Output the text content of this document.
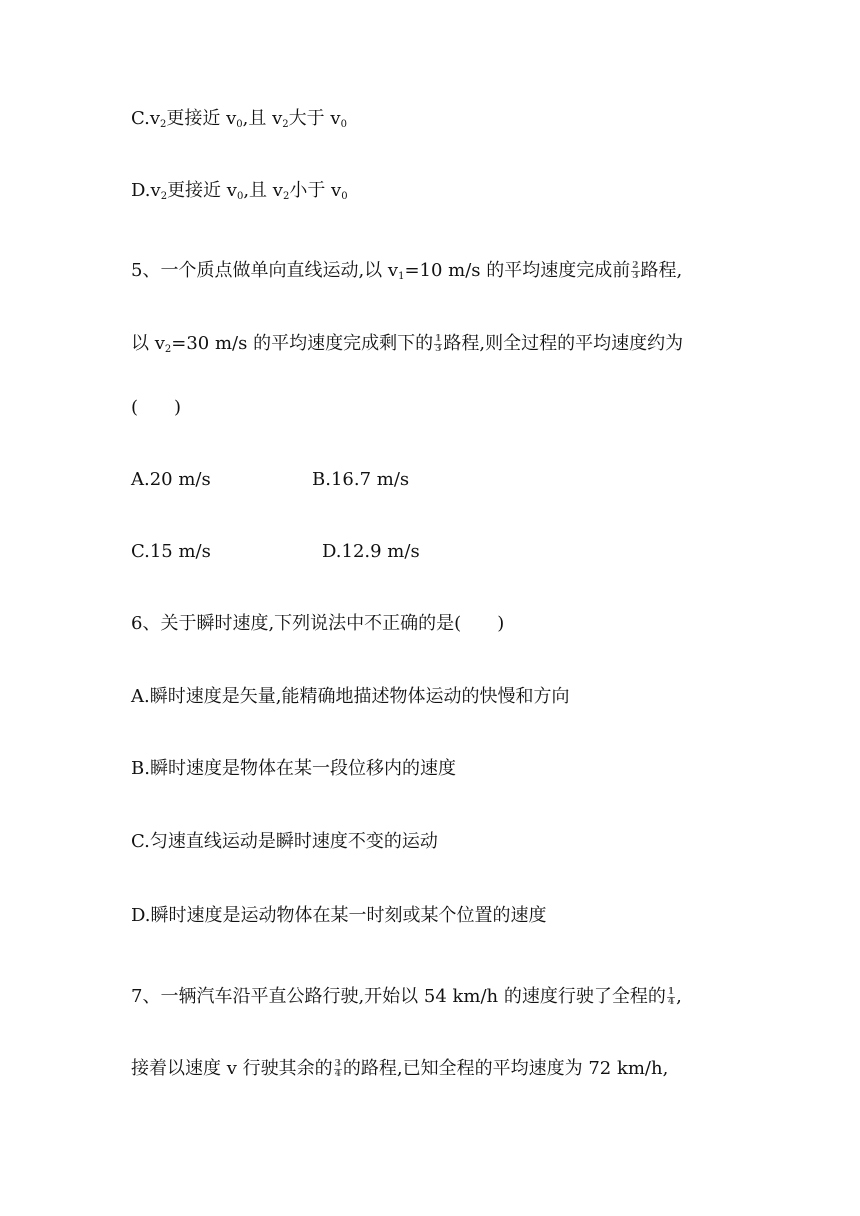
$C.v_2$更接近 $v_0$,且 $v_2$大于 $v_0$
$D.v_2$更接近 $v_0$,且 $v_2$小于 $v_0$
5、一个质点做单向直线运动,以 $v_1=10$ m/s 的平均速度完成前 $\frac{2}{3}$ 路程,
以 $v_2=30$ m/s 的平均速度完成剩下的 $\frac{1}{3}$ 路程,则全过程的平均速度约为
(　　)
A.20 m/s	B.16.7 m/s
C.15 m/s	D.12.9 m/s
6、关于瞬时速度,下列说法中不正确的是(　　)
A.瞬时速度是矢量,能精确地描述物体运动的快慢和方向
B.瞬时速度是物体在某一段位移内的速度
C.匀速直线运动是瞬时速度不变的运动
D.瞬时速度是运动物体在某一时刻或某个位置的速度
7、一辆汽车沿平直公路行驶,开始以 54 km/h 的速度行驶了全程的 $\frac{1}{4}$ ,
接着以速度 v 行驶其余的 $\frac{3}{4}$ 的路程,已知全程的平均速度为 72 km/h,
